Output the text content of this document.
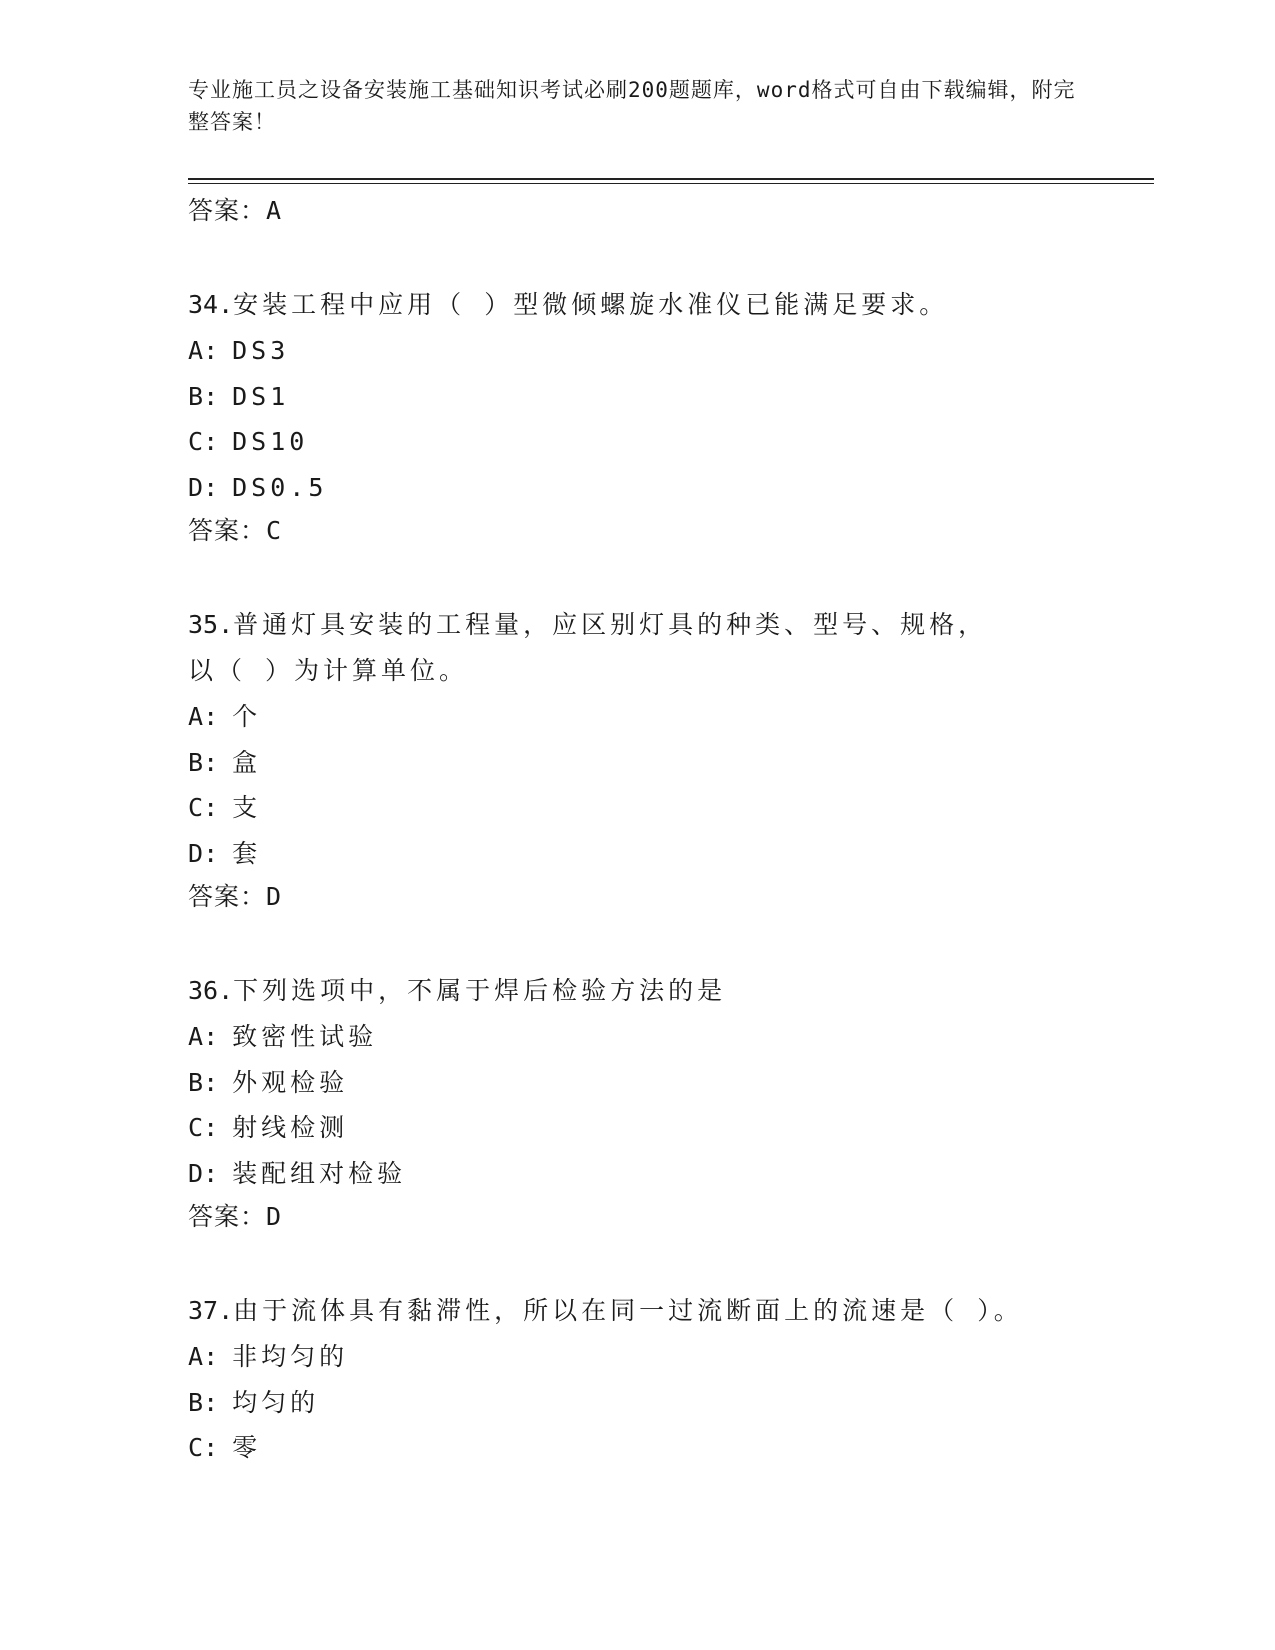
专业施工员之设备安装施工基础知识考试必刷200题题库，word格式可自由下载编辑，附完整答案！
答案：A
34.安装工程中应用（ ）型微倾螺旋水准仪已能满足要求。
A: DS3
B: DS1
C: DS10
D: DS0.5
答案：C
35.普通灯具安装的工程量，应区别灯具的种类、型号、规格，以（ ）为计算单位。
A: 个
B: 盒
C: 支
D: 套
答案：D
36.下列选项中，不属于焊后检验方法的是
A: 致密性试验
B: 外观检验
C: 射线检测
D: 装配组对检验
答案：D
37.由于流体具有黏滞性，所以在同一过流断面上的流速是（ ）。
A: 非均匀的
B: 均匀的
C: 零
